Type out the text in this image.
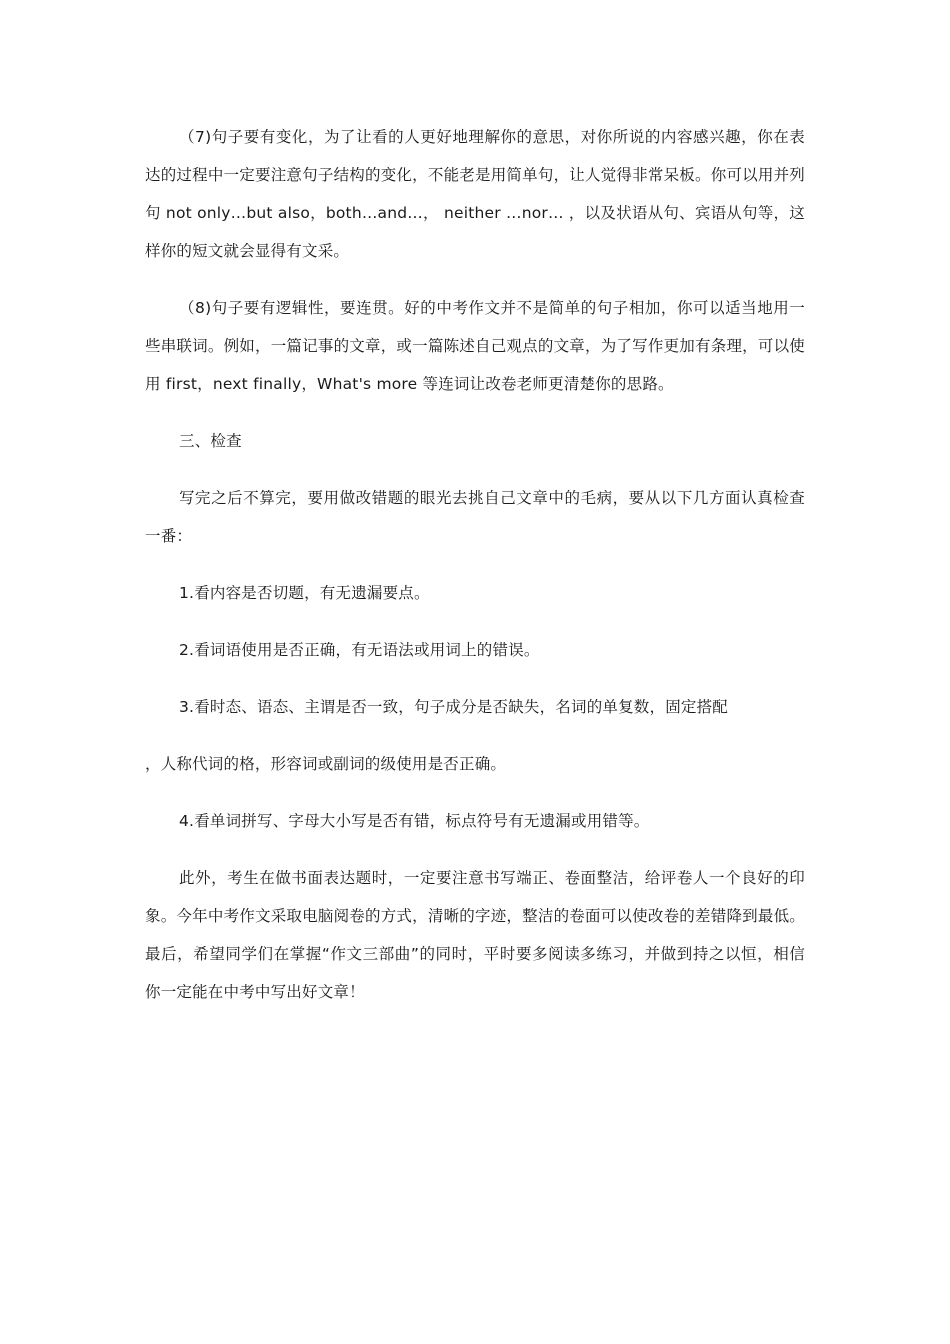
（7)句子要有变化，为了让看的人更好地理解你的意思，对你所说的内容感兴趣，你在表达的过程中一定要注意句子结构的变化，不能老是用简单句，让人觉得非常呆板。你可以用并列句 not only…but also，both…and…， neither …nor… ，以及状语从句、宾语从句等，这样你的短文就会显得有文采。

（8)句子要有逻辑性，要连贯。好的中考作文并不是简单的句子相加，你可以适当地用一些串联词。例如，一篇记事的文章，或一篇陈述自己观点的文章，为了写作更加有条理，可以使用 first，next finally，What's more 等连词让改卷老师更清楚你的思路。

三、检查

写完之后不算完，要用做改错题的眼光去挑自己文章中的毛病，要从以下几方面认真检查一番：

1.看内容是否切题，有无遗漏要点。

2.看词语使用是否正确，有无语法或用词上的错误。

3.看时态、语态、主谓是否一致，句子成分是否缺失，名词的单复数，固定搭配

，人称代词的格，形容词或副词的级使用是否正确。

4.看单词拼写、字母大小写是否有错，标点符号有无遗漏或用错等。

此外，考生在做书面表达题时，一定要注意书写端正、卷面整洁，给评卷人一个良好的印象。今年中考作文采取电脑阅卷的方式，清晰的字迹，整洁的卷面可以使改卷的差错降到最低。最后，希望同学们在掌握“作文三部曲”的同时，平时要多阅读多练习，并做到持之以恒，相信你一定能在中考中写出好文章！
